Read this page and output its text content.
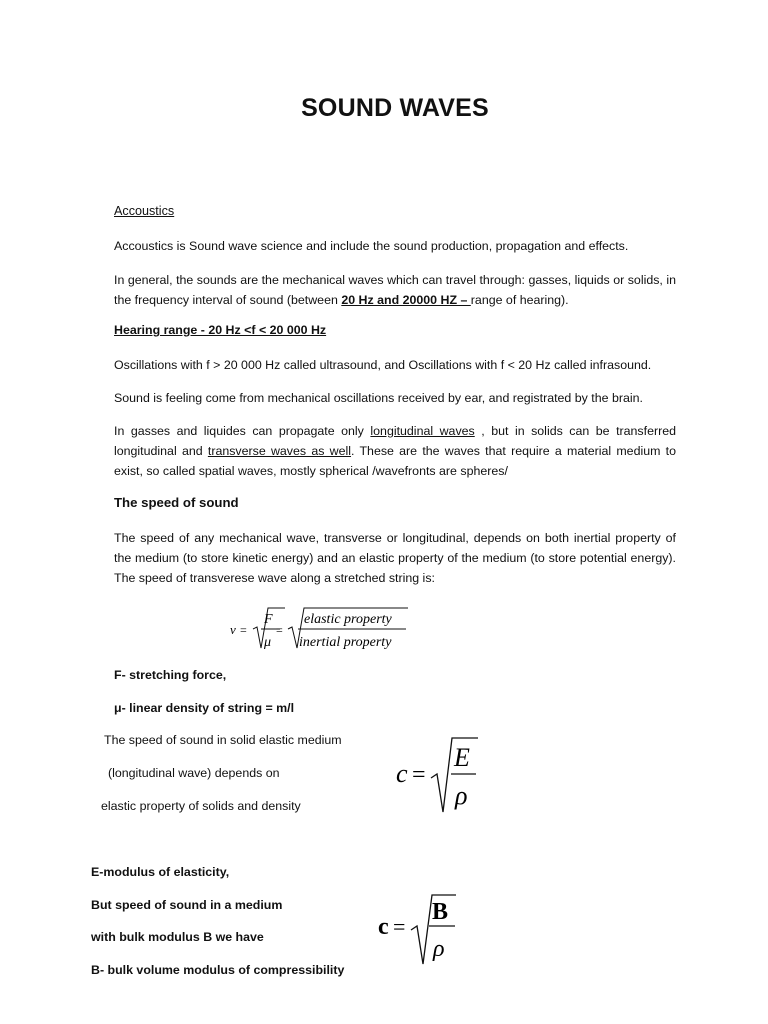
SOUND WAVES
Accoustics
Accoustics is Sound wave science and include the sound production, propagation and effects.
In general, the sounds are the mechanical waves which can travel through: gasses, liquids or solids, in the frequency interval of sound (between 20 Hz and 20000 HZ – range of hearing).
Hearing range - 20 Hz <f < 20 000 Hz
Oscillations with f > 20 000 Hz called ultrasound, and Oscillations with f < 20 Hz called infrasound.
Sound is feeling come from mechanical oscillations received by ear, and registrated by the brain.
In gasses and liquides can propagate only longitudinal waves , but in solids can be transferred longitudinal and transverse waves as well. These are the waves that require a material medium to exist, so called spatial waves, mostly spherical /wavefronts are spheres/
The speed of sound
The speed of any mechanical wave, transverse or longitudinal, depends on both inertial property of the medium (to store kinetic energy) and an elastic property of the medium (to store potential energy). The speed of transverese wave along a stretched string is:
v =
F
μ
=
elastic property
inertial property
F- stretching force,
μ- linear density of string = m/l
The speed of sound in solid elastic medium
(longitudinal wave) depends on
elastic property of solids and density
c =
E
ρ
E-modulus of elasticity,
But speed of sound in a medium
with bulk modulus B we have
B- bulk volume modulus of compressibility
c =
B
ρ
